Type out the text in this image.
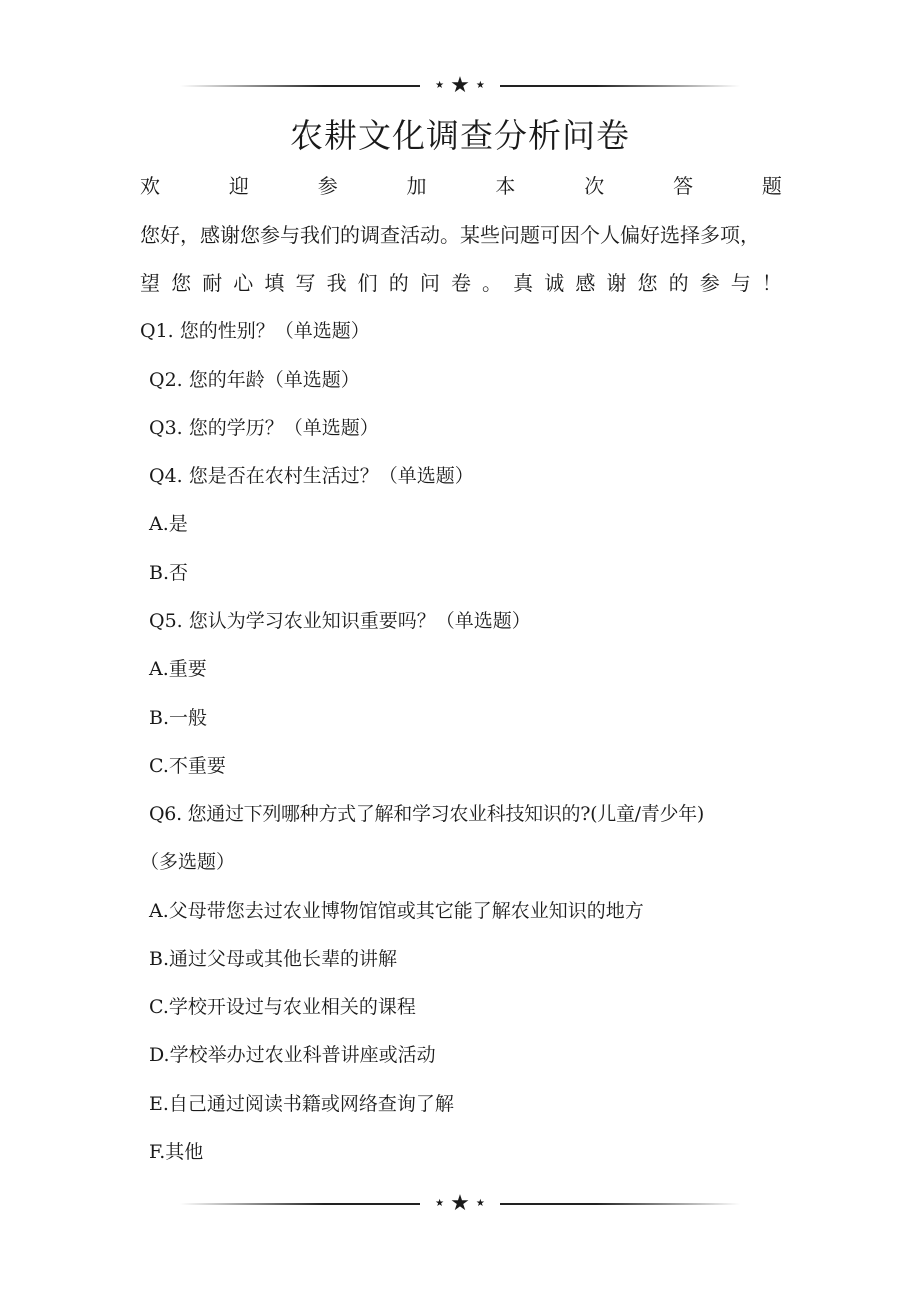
★ ★ ★
农耕文化调查分析问卷
欢	迎	参	加	本	次	答	题
您好，感谢您参与我们的调查活动。某些问题可因个人偏好选择多项，
望 您 耐 心 填 写 我 们 的 问 卷 。 真 诚 感 谢 您 的 参 与 ！
Q1. 您的性别？（单选题）
Q2. 您的年龄（单选题）
Q3. 您的学历？（单选题）
Q4. 您是否在农村生活过？（单选题）
A.是
B.否
Q5. 您认为学习农业知识重要吗？（单选题）
A.重要
B.一般
C.不重要
Q6. 您通过下列哪种方式了解和学习农业科技知识的?(儿童/青少年)
（多选题）
A.父母带您去过农业博物馆馆或其它能了解农业知识的地方
B.通过父母或其他长辈的讲解
C.学校开设过与农业相关的课程
D.学校举办过农业科普讲座或活动
E.自己通过阅读书籍或网络查询了解
F.其他
★ ★ ★
